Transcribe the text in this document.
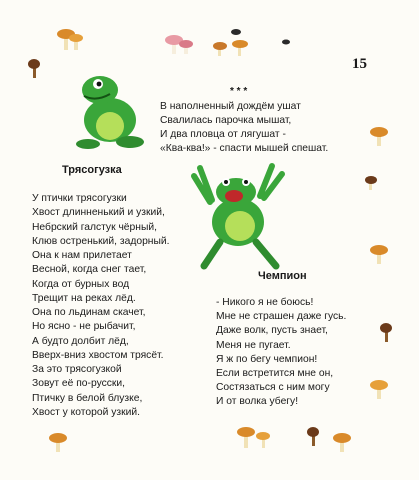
15
* * *
В наполненный дождём ушат
Свалилась парочка мышат,
И два пловца от лягушат -
«Ква-ква!» - спасти мышей спешат.
Трясогузка
У птички трясогузки
Хвост длинненький и узкий,
Небрский галстук чёрный,
Клюв остренький, задорный.
Она к нам прилетает
Весной, когда снег тает,
Когда от бурных вод
Трещит на реках лёд.
Она по льдинам скачет,
Но ясно - не рыбачит,
А будто долбит лёд,
Вверх-вниз хвостом трясёт.
За это трясогузкой
Зовут её по-русски,
Птичку в белой блузке,
Хвост у которой узкий.
Чемпион
- Никого я не боюсь!
Мне не страшен даже гусь.
Даже волк, пусть знает,
Меня не пугает.
Я ж по бегу чемпион!
Если встретится мне он,
Состязаться с ним могу
И от волка убегу!
